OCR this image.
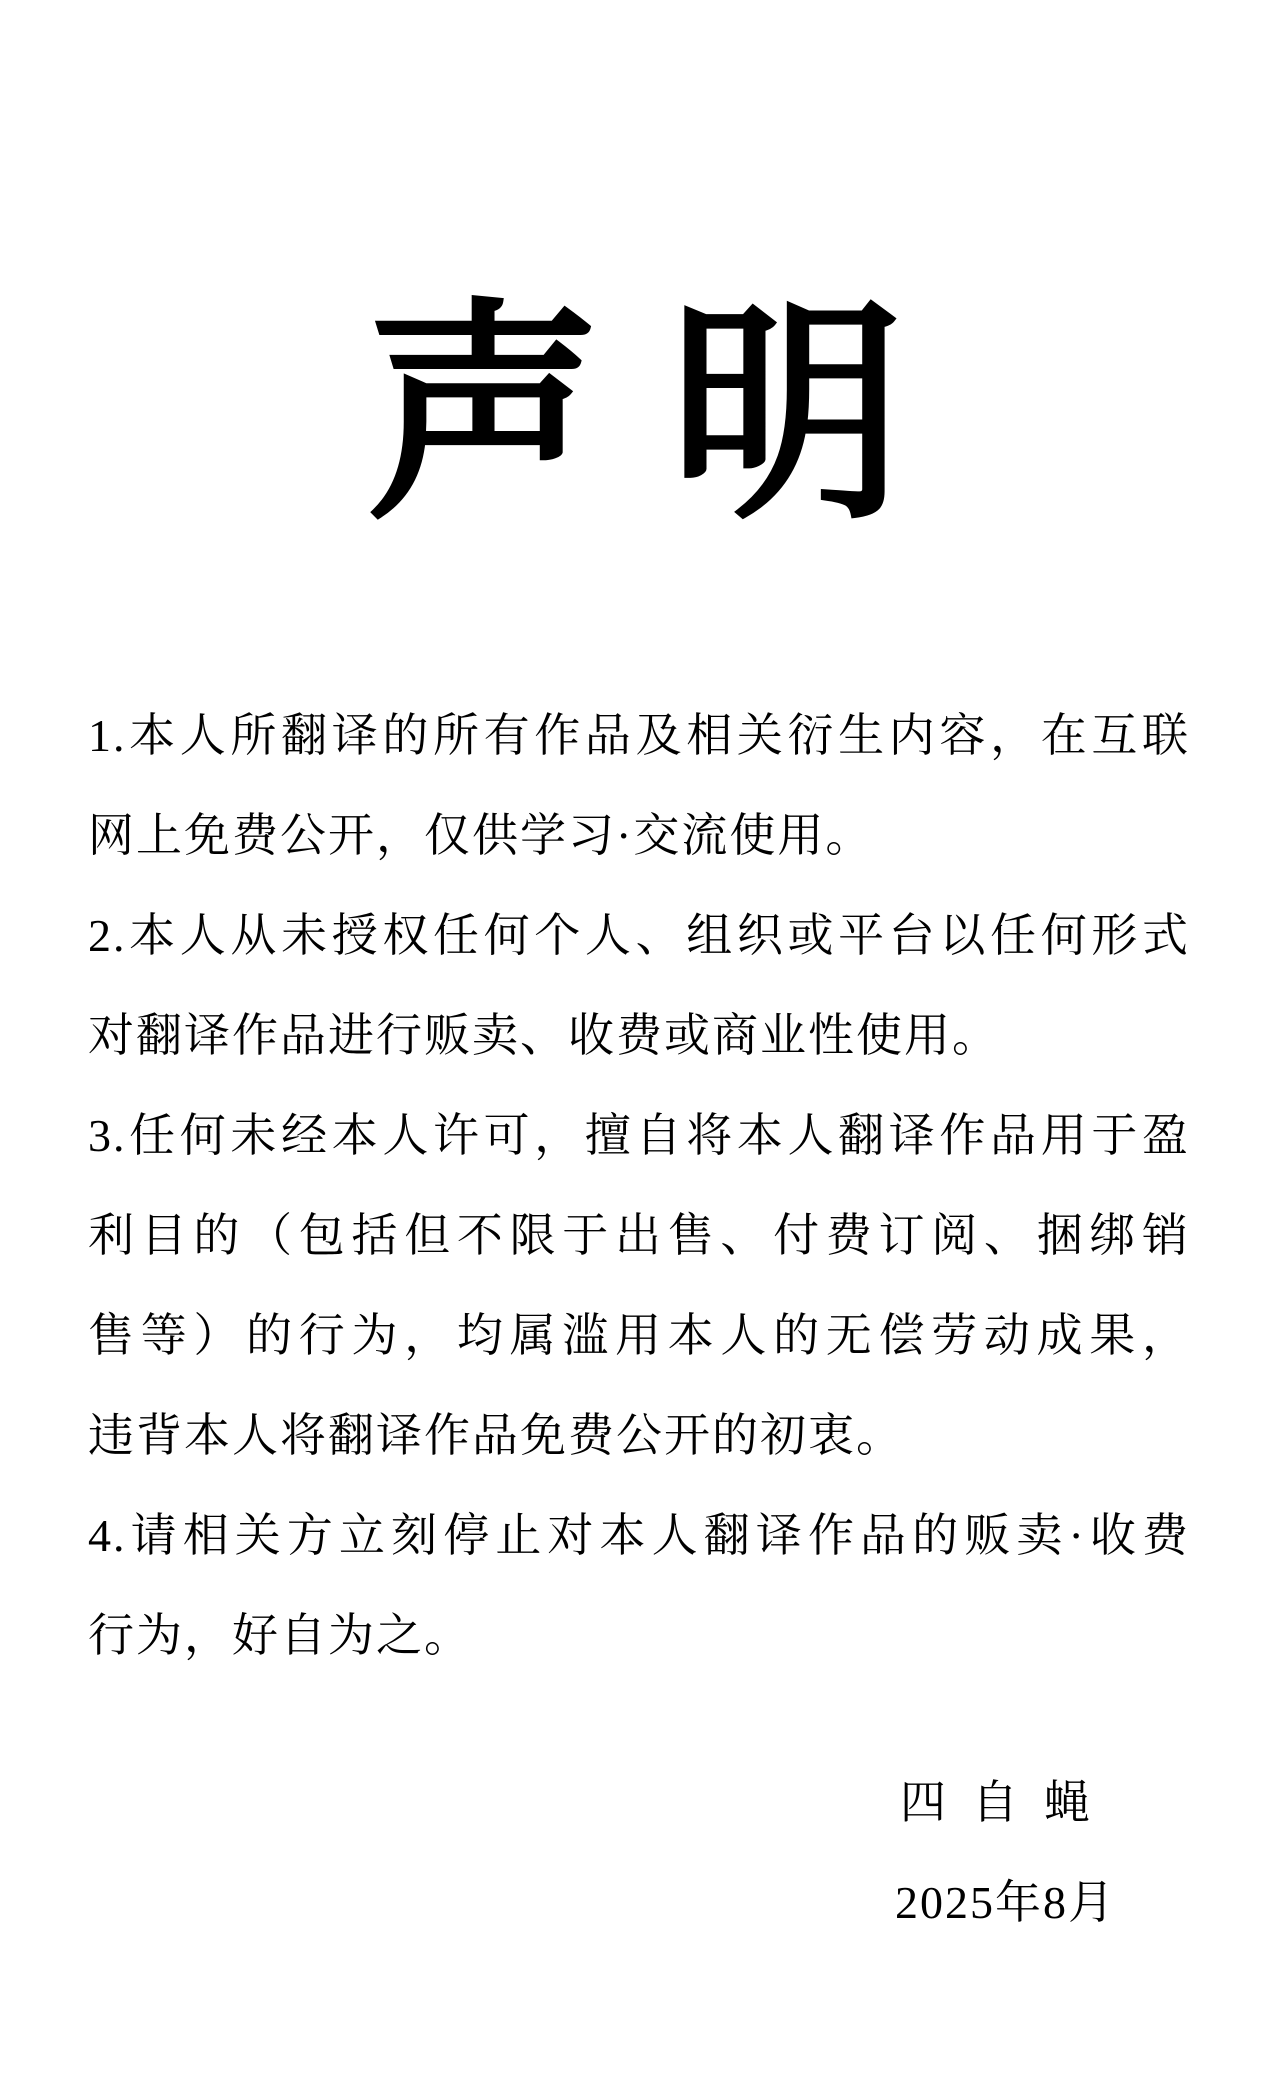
声 明
1.本人所翻译的所有作品及相关衍生内容，在互联
网上免费公开，仅供学习·交流使用。
2.本人从未授权任何个人、组织或平台以任何形式
对翻译作品进行贩卖、收费或商业性使用。
3.任何未经本人许可，擅自将本人翻译作品用于盈
利目的（包括但不限于出售、付费订阅、捆绑销
售等）的行为，均属滥用本人的无偿劳动成果，
违背本人将翻译作品免费公开的初衷。
4.请相关方立刻停止对本人翻译作品的贩卖·收费
行为，好自为之。
四自蝇
2025年8月
